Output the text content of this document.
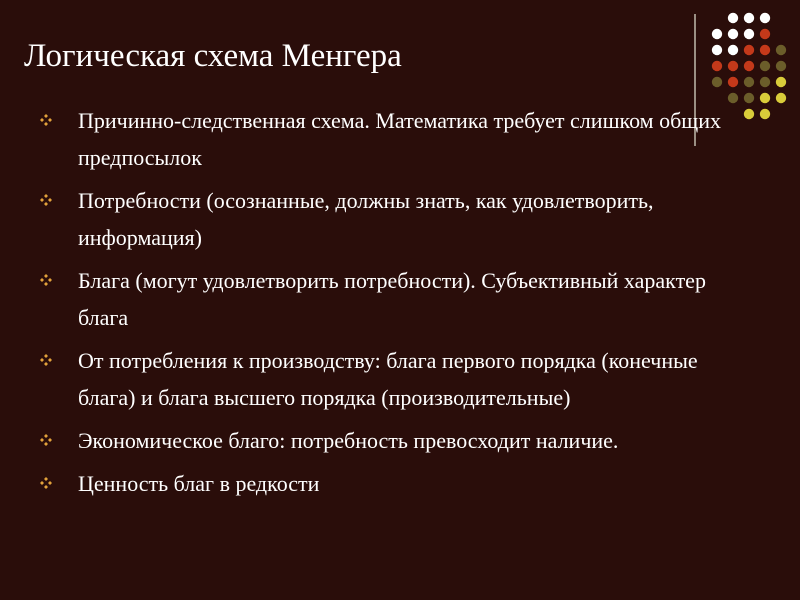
Логическая схема Менгера
Причинно-следственная схема. Математика требует слишком общих предпосылок
Потребности (осознанные, должны знать, как удовлетворить, информация)
Блага (могут удовлетворить потребности). Субъективный характер блага
От потребления к производству: блага первого порядка (конечные блага) и блага высшего порядка (производительные)
Экономическое благо: потребность превосходит наличие.
Ценность благ в редкости
